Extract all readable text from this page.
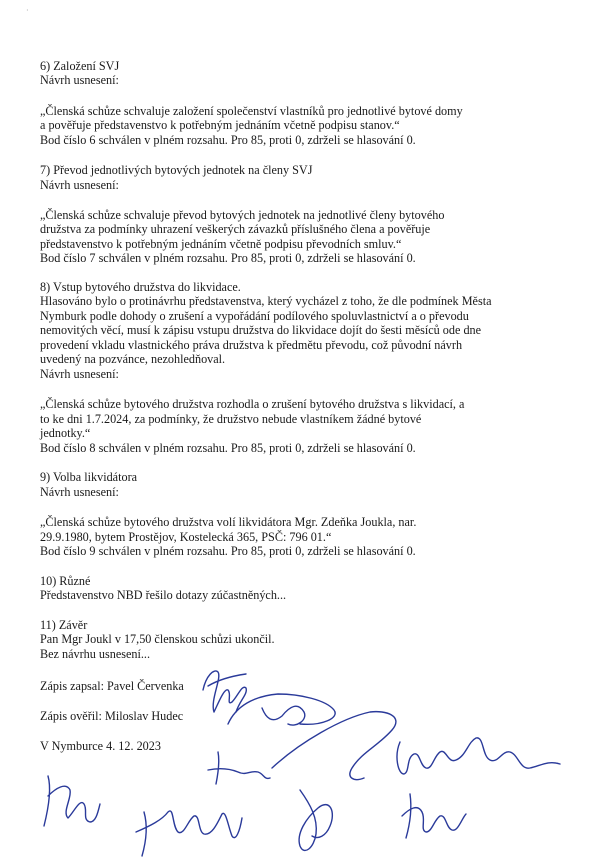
·
6) Založení SVJ
Návrh usnesení:
„Členská schůze schvaluje založení společenství vlastníků pro jednotlivé bytové domy
a pověřuje představenstvo k potřebným jednáním včetně podpisu stanov.“
Bod číslo 6 schválen v plném rozsahu. Pro 85, proti 0, zdrželi se hlasování 0.
7) Převod jednotlivých bytových jednotek na členy SVJ
Návrh usnesení:
„Členská schůze schvaluje převod bytových jednotek na jednotlivé členy bytového
družstva za podmínky uhrazení veškerých závazků příslušného člena a pověřuje
představenstvo k potřebným jednáním včetně podpisu převodních smluv.“
Bod číslo 7 schválen v plném rozsahu. Pro 85, proti 0, zdrželi se hlasování 0.
8) Vstup bytového družstva do likvidace.
Hlasováno bylo o protinávrhu představenstva, který vycházel z toho, že dle podmínek Města
Nymburk podle dohody o zrušení a vypořádání podílového spoluvlastnictví a o převodu
nemovitých věcí, musí k zápisu vstupu družstva do likvidace dojít do šesti měsíců ode dne
provedení vkladu vlastnického práva družstva k předmětu převodu, což původní návrh
uvedený na pozvánce, nezohledňoval.
Návrh usnesení:
„Členská schůze bytového družstva rozhodla o zrušení bytového družstva s likvidací, a
to ke dni 1.7.2024, za podmínky, že družstvo nebude vlastníkem žádné bytové
jednotky.“
Bod číslo 8 schválen v plném rozsahu. Pro 85, proti 0, zdrželi se hlasování 0.
9) Volba likvidátora
Návrh usnesení:
„Členská schůze bytového družstva volí likvidátora Mgr. Zdeňka Joukla, nar.
29.9.1980, bytem Prostějov, Kostelecká 365, PSČ: 796 01.“
Bod číslo 9 schválen v plném rozsahu. Pro 85, proti 0, zdrželi se hlasování 0.
10) Různé
Představenstvo NBD řešilo dotazy zúčastněných...
11) Závěr
Pan Mgr Joukl v 17,50 členskou schůzi ukončil.
Bez návrhu usnesení...
Zápis zapsal: Pavel Červenka
Zápis ověřil: Miloslav Hudec
V Nymburce 4. 12. 2023
